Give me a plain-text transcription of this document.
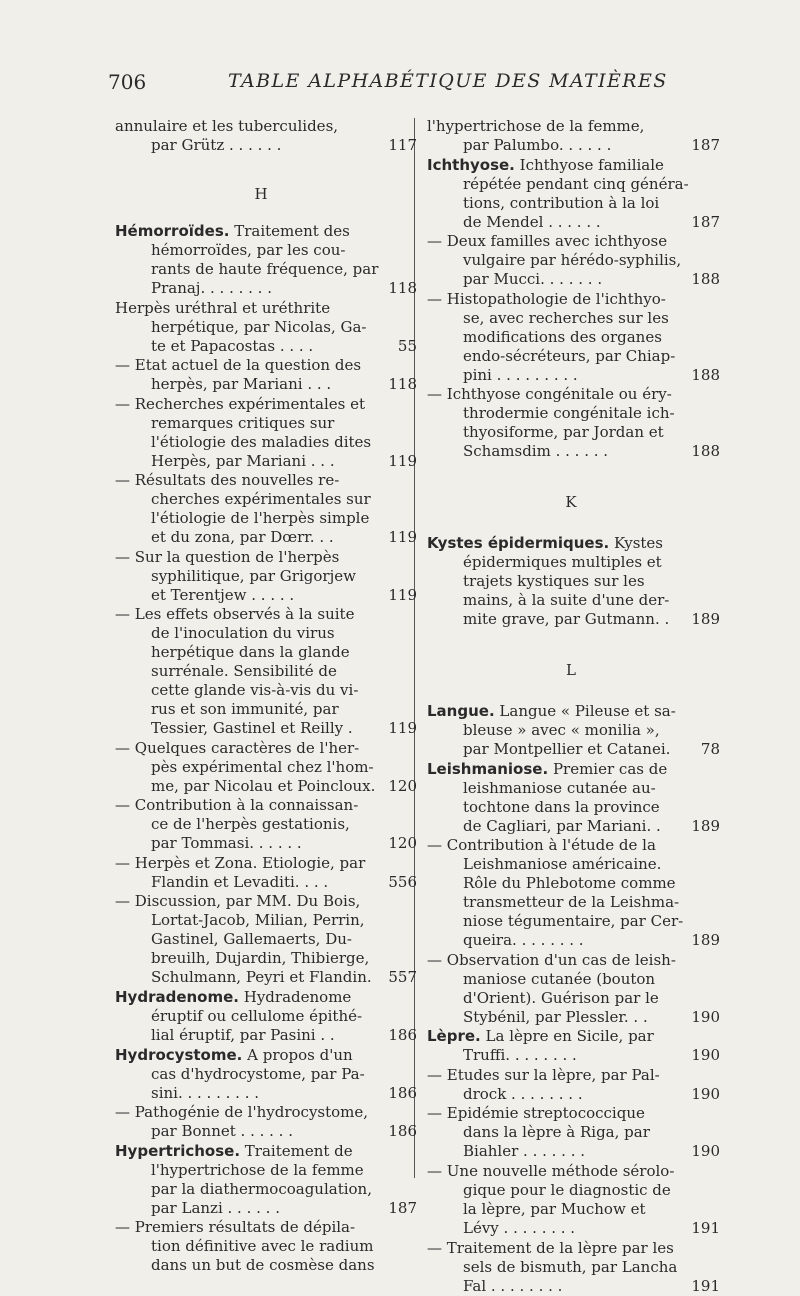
706	TABLE ALPHABÉTIQUE DES MATIÈRES
annulaire et les tuberculides,
par Grütz . . . . . .	117
H
Hémorroïdes. Traitement des
hémorroïdes, par les cou-
rants de haute fréquence, par
Pranaj. . . . . . . .	118
Herpès uréthral et uréthrite
herpétique, par Nicolas, Ga-
te et Papacostas . . . .	55
— Etat actuel de la question des
herpès, par Mariani . . .	118
— Recherches expérimentales et
remarques critiques sur
l'étiologie des maladies dites
Herpès, par Mariani . . .	119
— Résultats des nouvelles re-
cherches expérimentales sur
l'étiologie de l'herpès simple
et du zona, par Dœrr. . .	119
— Sur la question de l'herpès
syphilitique, par Grigorjew
et Terentjew . . . . .	119
— Les effets observés à la suite
de l'inoculation du virus
herpétique dans la glande
surrénale. Sensibilité de
cette glande vis-à-vis du vi-
rus et son immunité, par
Tessier, Gastinel et Reilly .	119
— Quelques caractères de l'her-
pès expérimental chez l'hom-
me, par Nicolau et Poincloux. 120
— Contribution à la connaissan-
ce de l'herpès gestationis,
par Tommasi. . . . . .	120
— Herpès et Zona. Etiologie, par
Flandin et Levaditi. . . .	556
— Discussion, par MM. Du Bois,
Lortat-Jacob, Milian, Perrin,
Gastinel, Gallemaerts, Du-
breuilh, Dujardin, Thibierge,
Schulmann, Peyri et Flandin.	557
Hydradenome. Hydradenome
éruptif ou cellulome épithé-
lial éruptif, par Pasini . .	186
Hydrocystome. A propos d'un
cas d'hydrocystome, par Pa-
sini. . . . . . . . .	186
— Pathogénie de l'hydrocystome,
par Bonnet . . . . . .	186
Hypertrichose. Traitement de
l'hypertrichose de la femme
par la diathermocoagulation,
par Lanzi . . . . . .	187
— Premiers résultats de dépila-
tion définitive avec le radium
dans un but de cosmèse dans
l'hypertrichose de la femme,
par Palumbo. . . . . .	187
Ichthyose. Ichthyose familiale
répétée pendant cinq généra-
tions, contribution à la loi
de Mendel . . . . . .	187
— Deux familles avec ichthyose
vulgaire par hérédo-syphilis,
par Mucci. . . . . . .	188
— Histopathologie de l'ichthyo-
se, avec recherches sur les
modifications des organes
endo-sécréteurs, par Chiap-
pini . . . . . . . . .	188
— Ichthyose congénitale ou éry-
throdermie congénitale ich-
thyosiforme, par Jordan et
Schamsdim . . . . . .	188
K
Kystes épidermiques. Kystes
épidermiques multiples et
trajets kystiques sur les
mains, à la suite d'une der-
mite grave, par Gutmann. .	189
L
Langue. Langue « Pileuse et sa-
bleuse » avec « monilia »,
par Montpellier et Catanei.	78
Leishmaniose. Premier cas de
leishmaniose cutanée au-
tochtone dans la province
de Cagliari, par Mariani. .	189
— Contribution à l'étude de la
Leishmaniose américaine.
Rôle du Phlebotome comme
transmetteur de la Leishma-
niose tégumentaire, par Cer-
queira. . . . . . . .	189
— Observation d'un cas de leish-
maniose cutanée (bouton
d'Orient). Guérison par le
Stybénil, par Plessler. . .	190
Lèpre. La lèpre en Sicile, par
Truffi. . . . . . . .	190
— Etudes sur la lèpre, par Pal-
drock . . . . . . . .	190
— Epidémie streptococcique
dans la lèpre à Riga, par
Biahler . . . . . . .	190
— Une nouvelle méthode sérolo-
gique pour le diagnostic de
la lèpre, par Muchow et
Lévy . . . . . . . .	191
— Traitement de la lèpre par les
sels de bismuth, par Lancha
Fal . . . . . . . .	191
